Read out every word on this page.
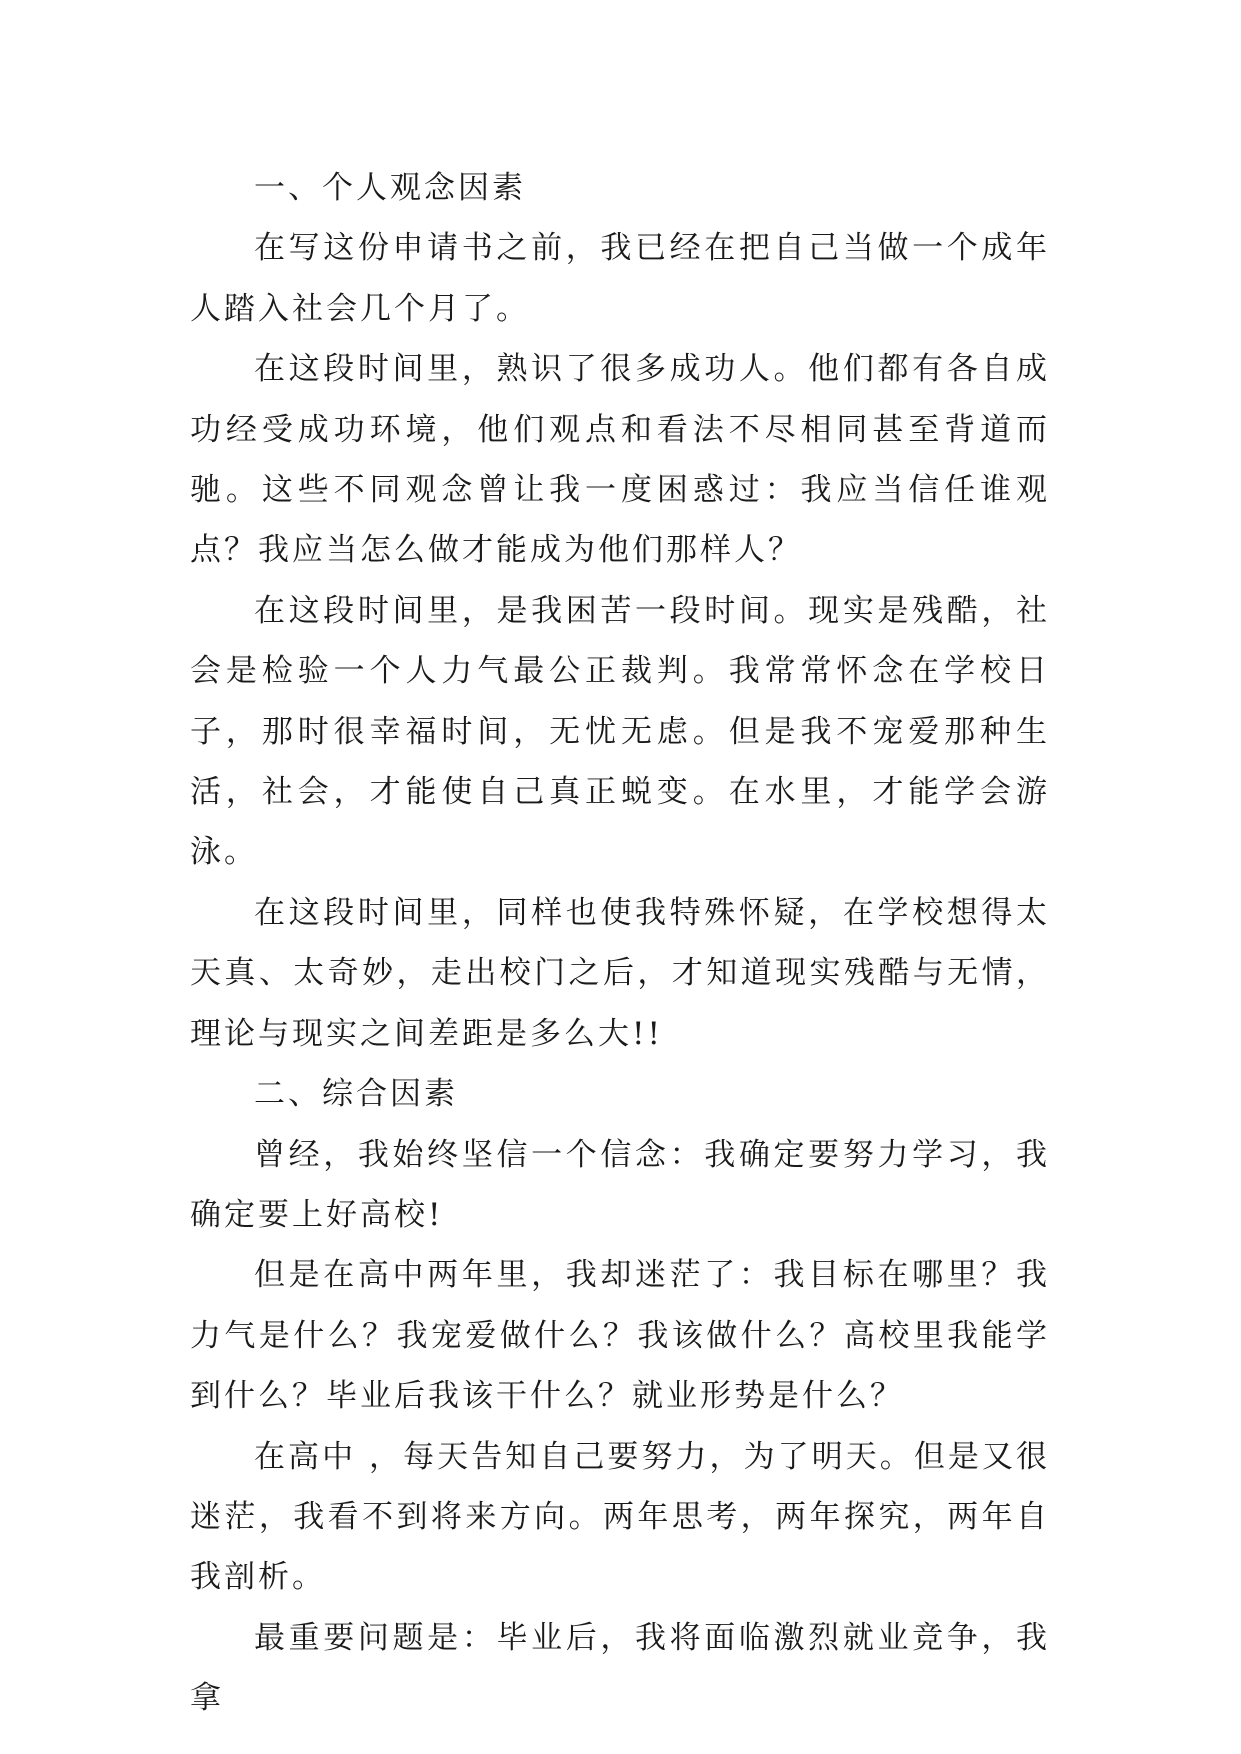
一、个人观念因素

在写这份申请书之前，我已经在把自己当做一个成年人踏入社会几个月了。

在这段时间里，熟识了很多成功人。他们都有各自成功经受成功环境，他们观点和看法不尽相同甚至背道而驰。这些不同观念曾让我一度困惑过：我应当信任谁观点？我应当怎么做才能成为他们那样人？

在这段时间里，是我困苦一段时间。现实是残酷，社会是检验一个人力气最公正裁判。我常常怀念在学校日子，那时很幸福时间，无忧无虑。但是我不宠爱那种生活，社会，才能使自己真正蜕变。在水里，才能学会游泳。

在这段时间里，同样也使我特殊怀疑，在学校想得太天真、太奇妙，走出校门之后，才知道现实残酷与无情，理论与现实之间差距是多么大!!

二、综合因素

曾经，我始终坚信一个信念：我确定要努力学习，我确定要上好高校!

但是在高中两年里，我却迷茫了：我目标在哪里？我力气是什么？我宠爱做什么？我该做什么？高校里我能学到什么？毕业后我该干什么？就业形势是什么？

在高中 ，每天告知自己要努力，为了明天。但是又很迷茫，我看不到将来方向。两年思考，两年探究，两年自我剖析。

最重要问题是：毕业后，我将面临激烈就业竞争，我拿
